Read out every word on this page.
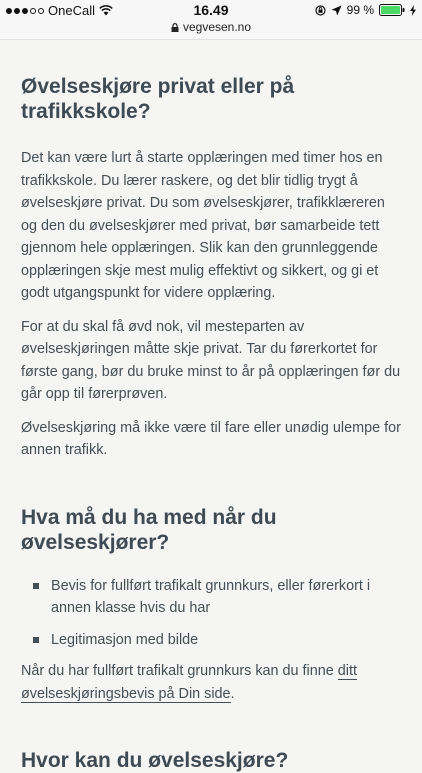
OneCall	16.49
vegvesen.no
99 %
Øvelseskjøre privat eller på trafikkskole?

Det kan være lurt å starte opplæringen med timer hos en trafikkskole. Du lærer raskere, og det blir tidlig trygt å øvelseskjøre privat. Du som øvelseskjører, trafikklæreren og den du øvelseskjører med privat, bør samarbeide tett gjennom hele opplæringen. Slik kan den grunnleggende opplæringen skje mest mulig effektivt og sikkert, og gi et godt utgangspunkt for videre opplæring.

For at du skal få øvd nok, vil mesteparten av øvelseskjøringen måtte skje privat. Tar du førerkortet for første gang, bør du bruke minst to år på opplæringen før du går opp til førerprøven.

Øvelseskjøring må ikke være til fare eller unødig ulempe for annen trafikk.

Hva må du ha med når du øvelseskjører?
Bevis for fullført trafikalt grunnkurs, eller førerkort i annen klasse hvis du har
Legitimasjon med bilde

Når du har fullført trafikalt grunnkurs kan du finne ditt øvelseskjøringsbevis på Din side.

Hvor kan du øvelseskjøre?
